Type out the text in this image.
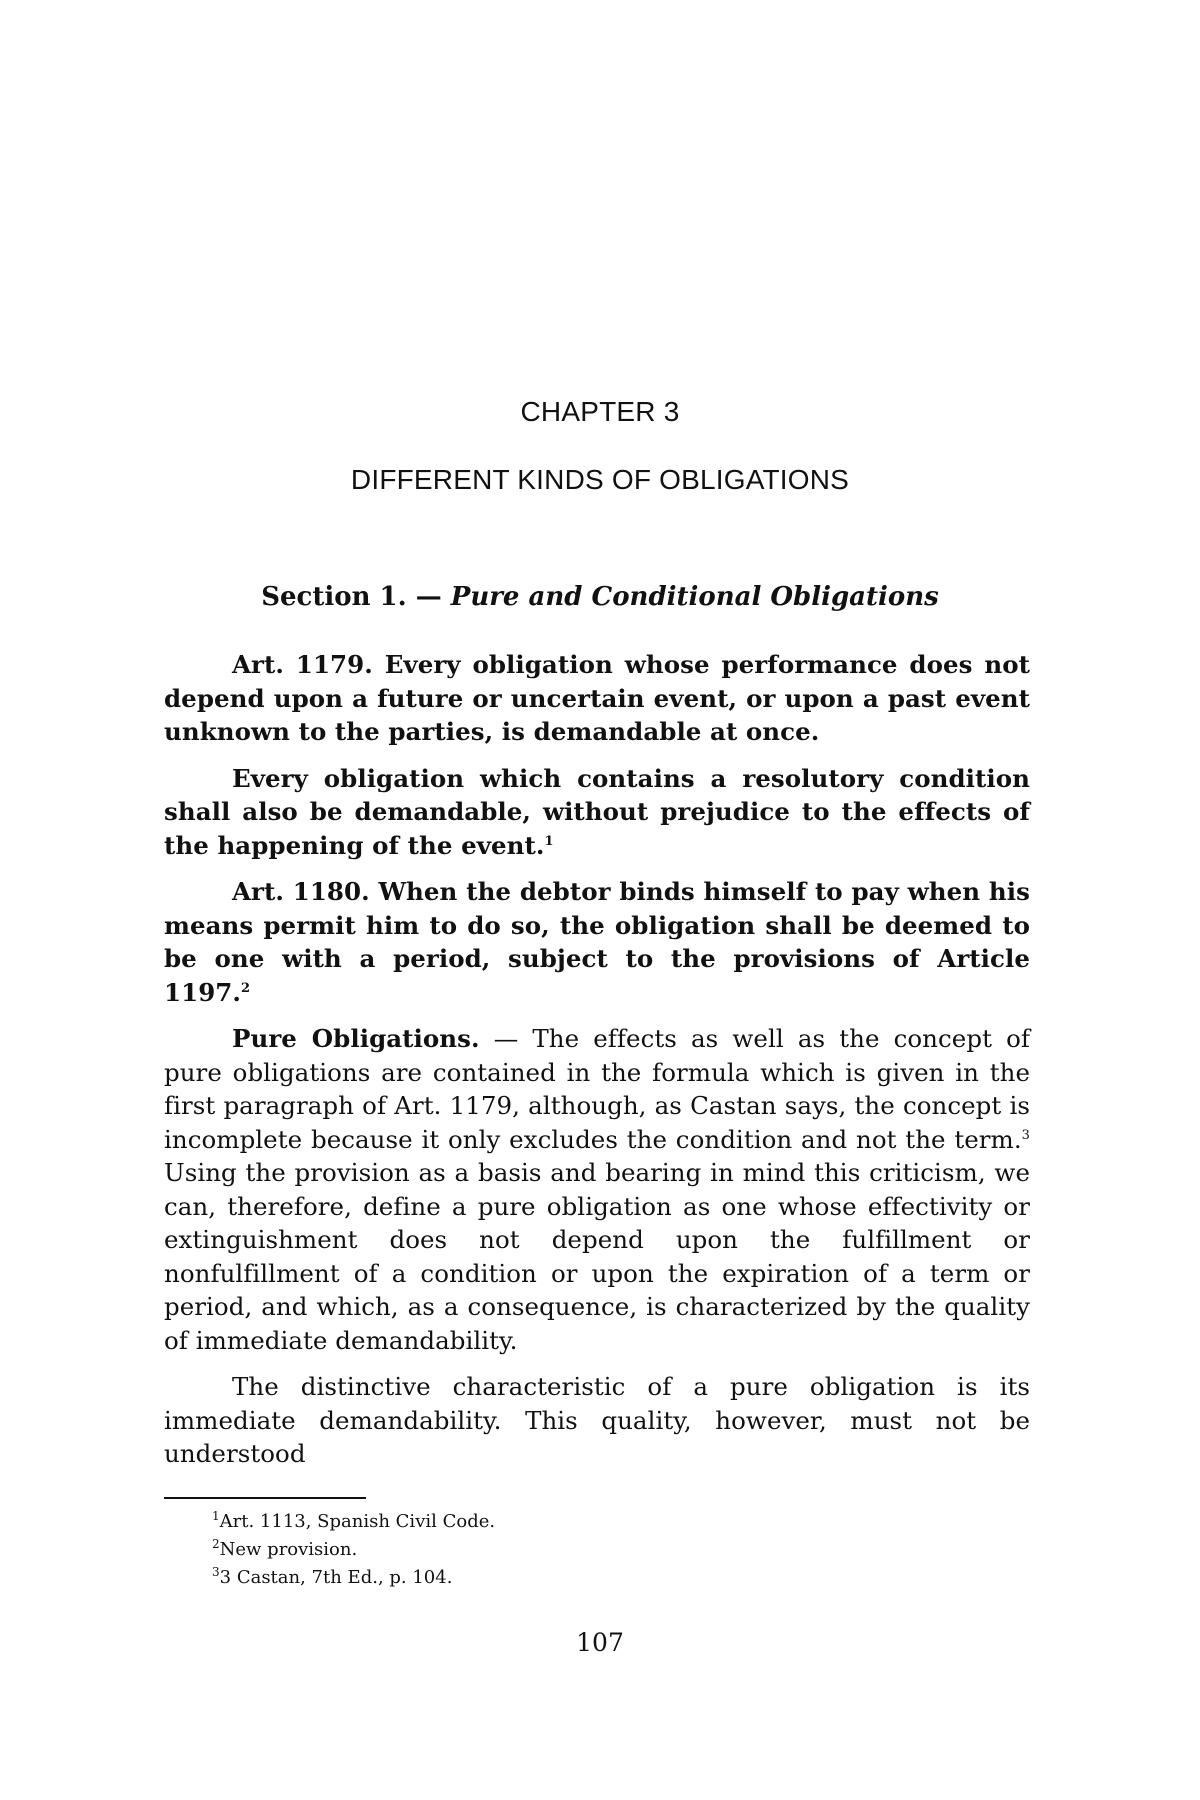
CHAPTER 3
DIFFERENT KINDS OF OBLIGATIONS
Section 1. — Pure and Conditional Obligations

Art. 1179. Every obligation whose performance does not depend upon a future or uncertain event, or upon a past event unknown to the parties, is demandable at once.

Every obligation which contains a resolutory condition shall also be demandable, without prejudice to the effects of the happening of the event.$^1$

Art. 1180. When the debtor binds himself to pay when his means permit him to do so, the obligation shall be deemed to be one with a period, subject to the provisions of Article 1197.$^2$

Pure Obligations. — The effects as well as the concept of pure obligations are contained in the formula which is given in the first paragraph of Art. 1179, although, as Castan says, the concept is incomplete because it only excludes the condition and not the term.$^3$ Using the provision as a basis and bearing in mind this criticism, we can, therefore, define a pure obligation as one whose effectivity or extinguishment does not depend upon the fulfillment or nonfulfillment of a condition or upon the expiration of a term or period, and which, as a consequence, is characterized by the quality of immediate demandability.

The distinctive characteristic of a pure obligation is its immediate demandability. This quality, however, must not be understood

$^1$Art. 1113, Spanish Civil Code.

$^2$New provision.

$^3$3 Castan, 7th Ed., p. 104.

107
